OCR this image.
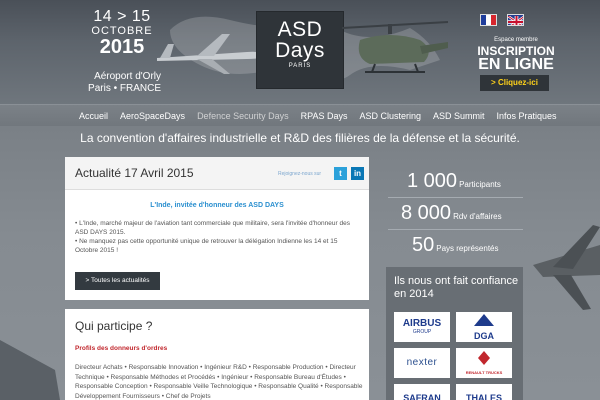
14 > 15
OCTOBRE
2015
Aéroport d'Orly
Paris • FRANCE
ASD
Days
PARIS

Espace membre
INSCRIPTION
EN LIGNE
> Cliquez-ici
Accueil	AeroSpaceDays	Defence Security Days	RPAS Days	ASD Clustering	ASD Summit	Infos Pratiques
La convention d'affaires industrielle et R&D des filières de la défense et la sécurité.
Actualité 17 Avril 2015	Rejoignez-nous sur	t	in
L'Inde, invitée d'honneur des ASD DAYS

• L'Inde, marché majeur de l'aviation tant commerciale que militaire, sera l'invitée d'honneur des ASD DAYS 2015.

• Ne manquez pas cette opportunité unique de retrouver la délégation Indienne les 14 et 15 Octobre 2015 !

> Toutes les actualités
Qui participe ?
Profils des donneurs d'ordres
Directeur Achats • Responsable Innovation • Ingénieur R&D • Responsable Production • Directeur Technique • Responsable Méthodes et Procédés • Ingénieur • Responsable Bureau d'Études • Responsable Conception • Responsable Veille Technologique • Responsable Qualité • Responsable Développement Fournisseurs • Chef de Projets
1 000 Participants
8 000 Rdv d'affaires
50 Pays représentés
Ils nous ont fait confiance en 2014
AIRBUS
GROUP	DGA
nexter
RENAULT TRUCKS
SAFRAN	THALES
